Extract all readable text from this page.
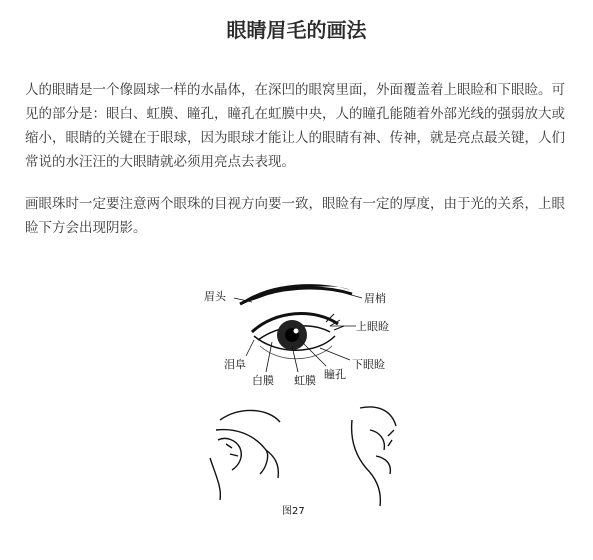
眼睛眉毛的画法

人的眼睛是一个像圆球一样的水晶体，在深凹的眼窝里面，外面覆盖着上眼睑和下眼睑。可见的部分是：眼白、虹膜、瞳孔，瞳孔在虹膜中央，人的瞳孔能随着外部光线的强弱放大或缩小，眼睛的关键在于眼球，因为眼球才能让人的眼睛有神、传神，就是亮点最关键，人们常说的水汪汪的大眼睛就必须用亮点去表现。

画眼珠时一定要注意两个眼珠的目视方向要一致，眼睑有一定的厚度，由于光的关系，上眼睑下方会出现阴影。

眉头	眉梢
上眼睑
泪阜	下眼睑
白膜 虹膜 瞳孔
图27
